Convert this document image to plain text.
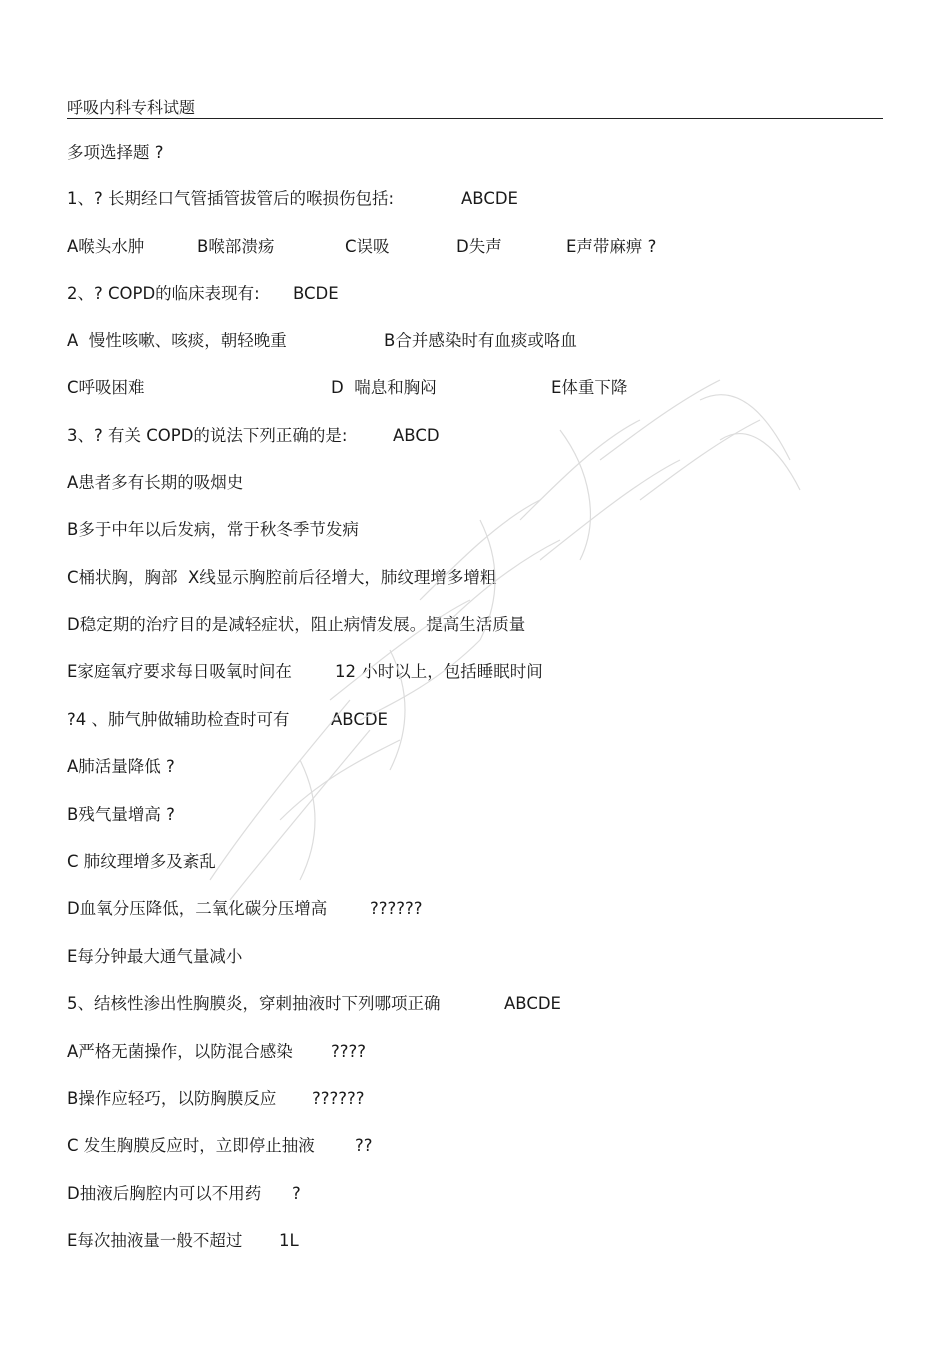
呼吸内科专科试题
多项选择题 ?
1、? 长期经口气管插管拔管后的喉损伤包括:	ABCDE
A喉头水肿	B喉部溃疡	C误吸	D失声	E声带麻痹 ?
2、? COPD的临床表现有: BCDE
A  慢性咳嗽、咳痰，朝轻晚重	B合并感染时有血痰或咯血
C呼吸困难	D  喘息和胸闷	E体重下降
3、? 有关 COPD的说法下列正确的是:	ABCD
A患者多有长期的吸烟史
B多于中年以后发病，常于秋冬季节发病
C桶状胸，胸部  X线显示胸腔前后径增大，肺纹理增多增粗
D稳定期的治疗目的是减轻症状，阻止病情发展。提高生活质量
E家庭氧疗要求每日吸氧时间在	12 小时以上，包括睡眠时间
?4 、肺气肿做辅助检查时可有	ABCDE
A肺活量降低 ?
B残气量增高 ?
C 肺纹理增多及紊乱
D血氧分压降低，二氧化碳分压增高	??????
E每分钟最大通气量减小
5、结核性渗出性胸膜炎，穿刺抽液时下列哪项正确	ABCDE
A严格无菌操作，以防混合感染 ????
B操作应轻巧，以防胸膜反应 ??????
C 发生胸膜反应时，立即停止抽液 ??
D抽液后胸腔内可以不用药 ?
E每次抽液量一般不超过 1L
